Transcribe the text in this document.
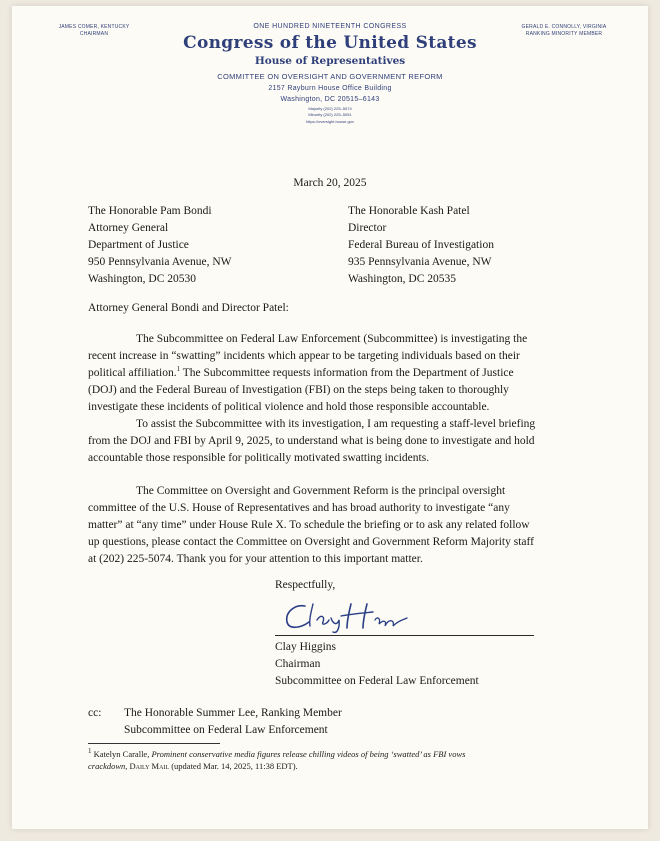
JAMES COMER, KENTUCKY
CHAIRMAN
GERALD E. CONNOLLY, VIRGINIA
RANKING MINORITY MEMBER
ONE HUNDRED NINETEENTH CONGRESS
Congress of the United States
House of Representatives
COMMITTEE ON OVERSIGHT AND GOVERNMENT REFORM
2157 Rayburn House Office Building
Washington, DC 20515–6143
Majority (202) 225–5074
Minority (202) 225–5051
https://oversight.house.gov
March 20, 2025
The Honorable Pam Bondi
Attorney General
Department of Justice
950 Pennsylvania Avenue, NW
Washington, DC 20530
The Honorable Kash Patel
Director
Federal Bureau of Investigation
935 Pennsylvania Avenue, NW
Washington, DC 20535
Attorney General Bondi and Director Patel:
The Subcommittee on Federal Law Enforcement (Subcommittee) is investigating the
recent increase in “swatting” incidents which appear to be targeting individuals based on their
political affiliation.$^1$ The Subcommittee requests information from the Department of Justice
(DOJ) and the Federal Bureau of Investigation (FBI) on the steps being taken to thoroughly
investigate these incidents of political violence and hold those responsible accountable.
To assist the Subcommittee with its investigation, I am requesting a staff-level briefing
from the DOJ and FBI by April 9, 2025, to understand what is being done to investigate and hold
accountable those responsible for politically motivated swatting incidents.
The Committee on Oversight and Government Reform is the principal oversight
committee of the U.S. House of Representatives and has broad authority to investigate “any
matter” at “any time” under House Rule X. To schedule the briefing or to ask any related follow
up questions, please contact the Committee on Oversight and Government Reform Majority staff
at (202) 225-5074. Thank you for your attention to this important matter.
Respectfully,
Clay Higgins
Chairman
Subcommittee on Federal Law Enforcement
cc: The Honorable Summer Lee, Ranking Member
Subcommittee on Federal Law Enforcement
$^1$ Katelyn Caralle, Prominent conservative media figures release chilling videos of being ‘swatted’ as FBI vows
crackdown, Daily Mail (updated Mar. 14, 2025, 11:38 EDT).
